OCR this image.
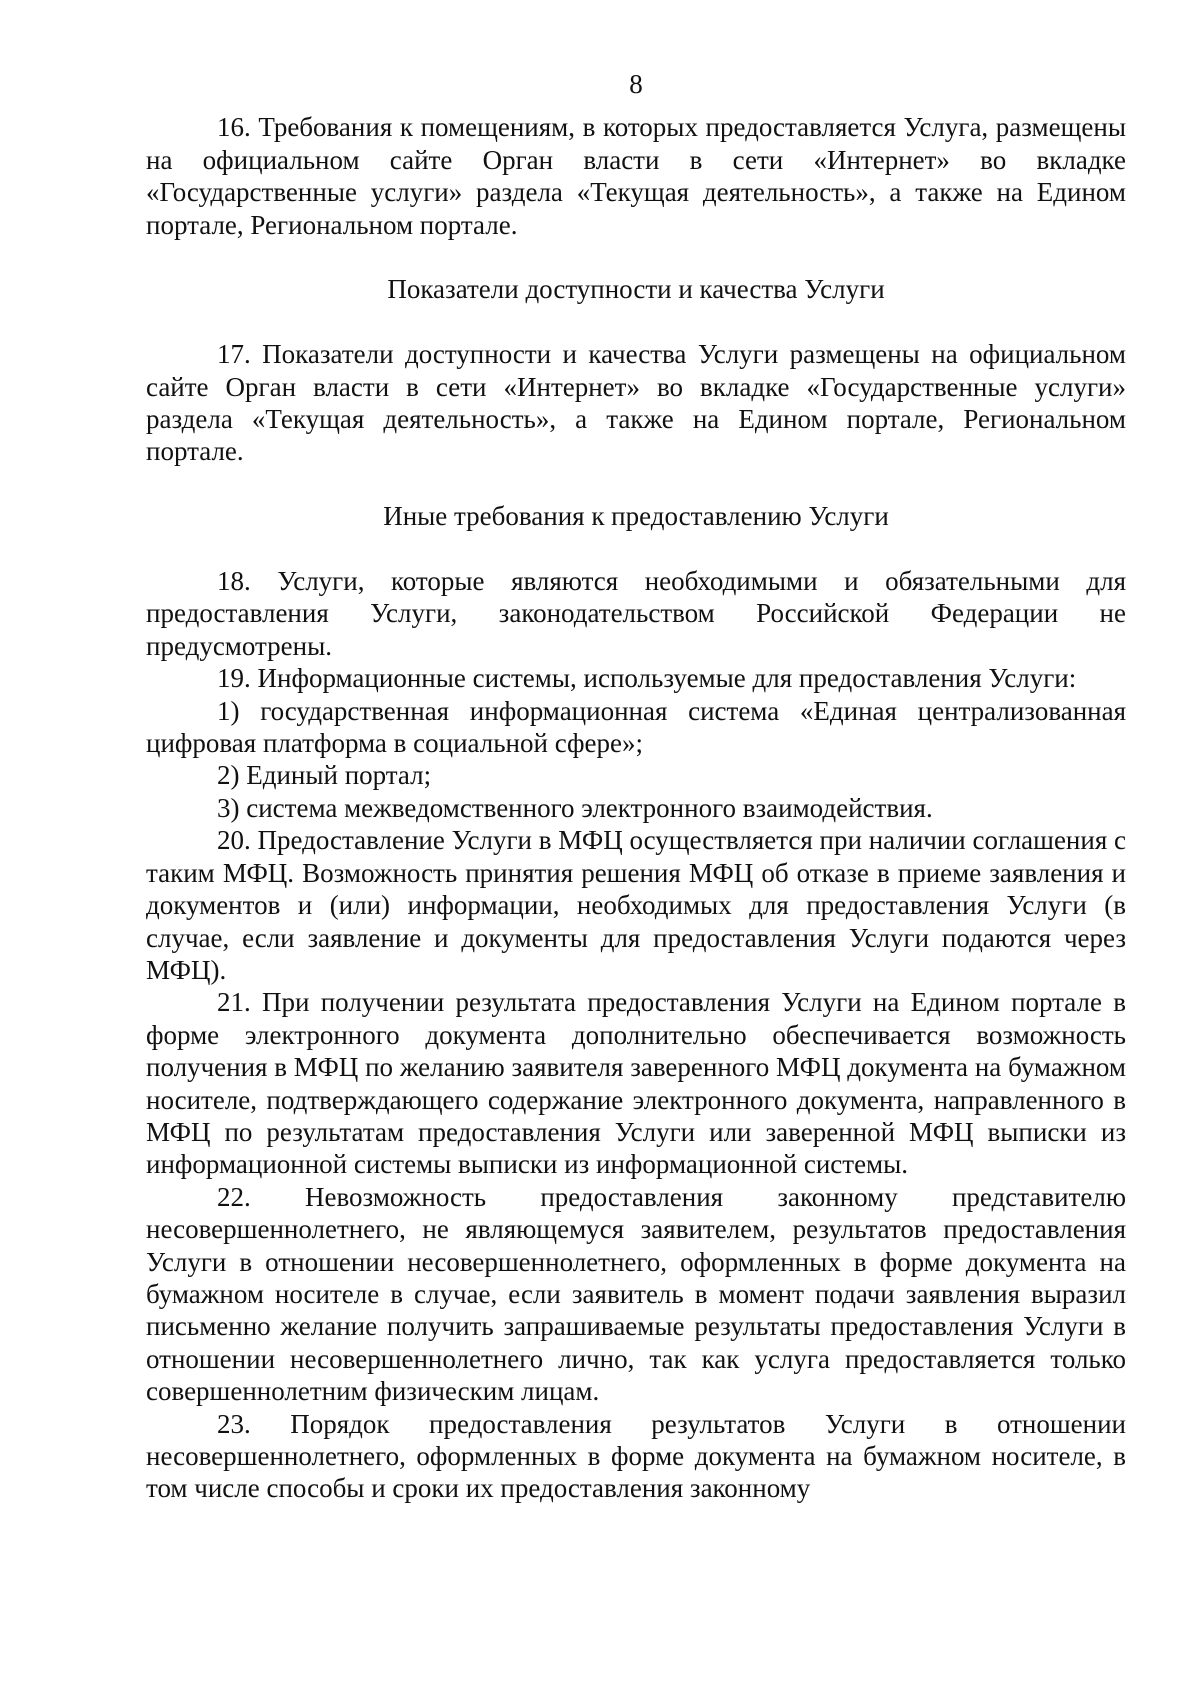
8

16. Требования к помещениям, в которых предоставляется Услуга, размещены на официальном сайте Орган власти в сети «Интернет» во вкладке «Государственные услуги» раздела «Текущая деятельность», а также на Едином портале, Региональном портале.

Показатели доступности и качества Услуги

17. Показатели доступности и качества Услуги размещены на официальном сайте Орган власти в сети «Интернет» во вкладке «Государственные услуги» раздела «Текущая деятельность», а также на Едином портале, Региональном портале.

Иные требования к предоставлению Услуги

18. Услуги, которые являются необходимыми и обязательными для предоставления Услуги, законодательством Российской Федерации не предусмотрены.

19. Информационные системы, используемые для предоставления Услуги:

1) государственная информационная система «Единая централизованная цифровая платформа в социальной сфере»;

2) Единый портал;

3) система межведомственного электронного взаимодействия.

20. Предоставление Услуги в МФЦ осуществляется при наличии соглашения с таким МФЦ. Возможность принятия решения МФЦ об отказе в приеме заявления и документов и (или) информации, необходимых для предоставления Услуги (в случае, если заявление и документы для предоставления Услуги подаются через МФЦ).

21. При получении результата предоставления Услуги на Едином портале в форме электронного документа дополнительно обеспечивается возможность получения в МФЦ по желанию заявителя заверенного МФЦ документа на бумажном носителе, подтверждающего содержание электронного документа, направленного в МФЦ по результатам предоставления Услуги или заверенной МФЦ выписки из информационной системы выписки из информационной системы.

22. Невозможность предоставления законному представителю несовершеннолетнего, не являющемуся заявителем, результатов предоставления Услуги в отношении несовершеннолетнего, оформленных в форме документа на бумажном носителе в случае, если заявитель в момент подачи заявления выразил письменно желание получить запрашиваемые результаты предоставления Услуги в отношении несовершеннолетнего лично, так как услуга предоставляется только совершеннолетним физическим лицам.

23. Порядок предоставления результатов Услуги в отношении несовершеннолетнего, оформленных в форме документа на бумажном носителе, в том числе способы и сроки их предоставления законному
